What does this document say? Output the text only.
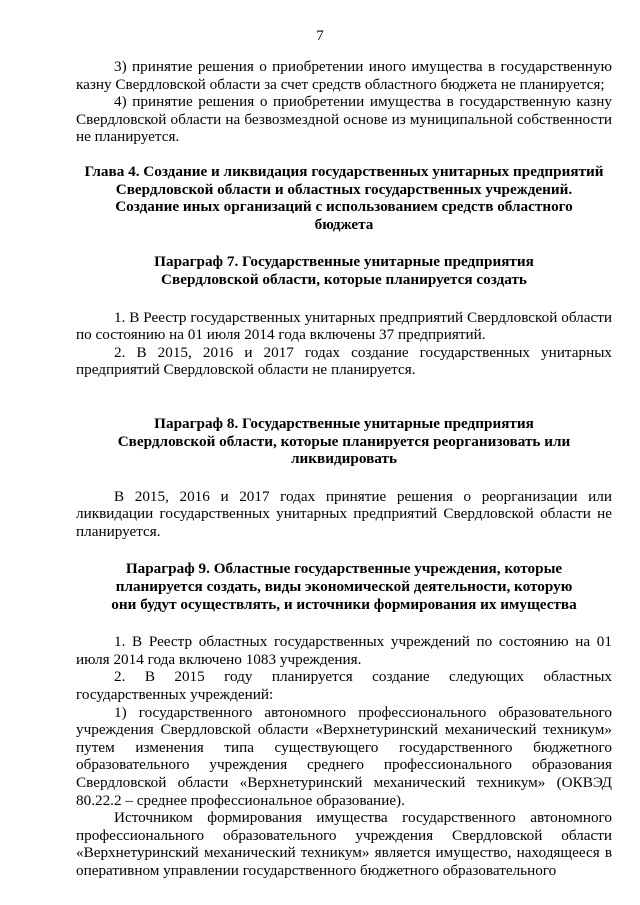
7

3) принятие решения о приобретении иного имущества в государственную казну Свердловской области за счет средств областного бюджета не планируется;

4) принятие решения о приобретении имущества в государственную казну Свердловской области на безвозмездной основе из муниципальной собственности не планируется.

Глава 4. Создание и ликвидация государственных унитарных предприятий Свердловской области и областных государственных учреждений. Создание иных организаций с использованием средств областного бюджета
Параграф 7. Государственные унитарные предприятия Свердловской области, которые планируется создать

1. В Реестр государственных унитарных предприятий Свердловской области по состоянию на 01 июля 2014 года включены 37 предприятий.

2. В 2015, 2016 и 2017 годах создание государственных унитарных предприятий Свердловской области не планируется.

Параграф 8. Государственные унитарные предприятия Свердловской области, которые планируется реорганизовать или ликвидировать

В 2015, 2016 и 2017 годах принятие решения о реорганизации или ликвидации государственных унитарных предприятий Свердловской области не планируется.

Параграф 9. Областные государственные учреждения, которые планируется создать, виды экономической деятельности, которую они будут осуществлять, и источники формирования их имущества

1. В Реестр областных государственных учреждений по состоянию на 01 июля 2014 года включено 1083 учреждения.

2. В 2015 году планируется создание следующих областных государственных учреждений:

1) государственного автономного профессионального образовательного учреждения Свердловской области «Верхнетуринский механический техникум» путем изменения типа существующего государственного бюджетного образовательного учреждения среднего профессионального образования Свердловской области «Верхнетуринский механический техникум» (ОКВЭД 80.22.2 – среднее профессиональное образование).

Источником формирования имущества государственного автономного профессионального образовательного учреждения Свердловской области «Верхнетуринский механический техникум» является имущество, находящееся в оперативном управлении государственного бюджетного образовательного
